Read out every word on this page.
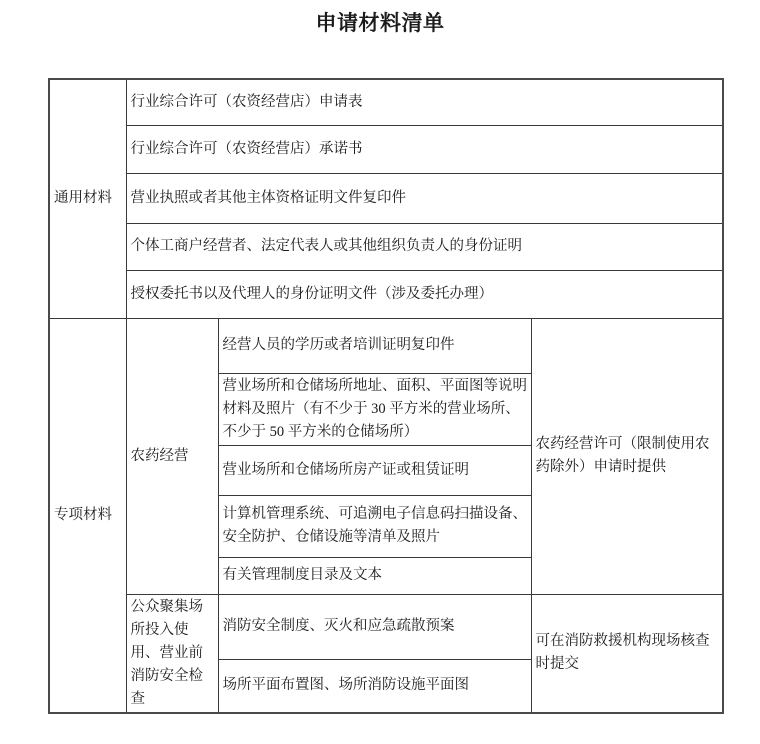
申请材料清单
通用材料	行业综合许可（农资经营店）申请表		
	行业综合许可（农资经营店）承诺书		
	营业执照或者其他主体资格证明文件复印件		
	个体工商户经营者、法定代表人或其他组织负责人的身份证明		
	授权委托书以及代理人的身份证明文件（涉及委托办理）		
专项材料	农药经营	经营人员的学历或者培训证明复印件	农药经营许可（限制使用农药除外）申请时提供
		营业场所和仓储场所地址、面积、平面图等说明材料及照片（有不少于 30 平方米的营业场所、不少于 50 平方米的仓储场所）	
		营业场所和仓储场所房产证或租赁证明	
		计算机管理系统、可追溯电子信息码扫描设备、安全防护、仓储设施等清单及照片	
		有关管理制度目录及文本	
	公众聚集场所投入使用、营业前消防安全检查	消防安全制度、灭火和应急疏散预案	可在消防救援机构现场核查时提交
		场所平面布置图、场所消防设施平面图	
